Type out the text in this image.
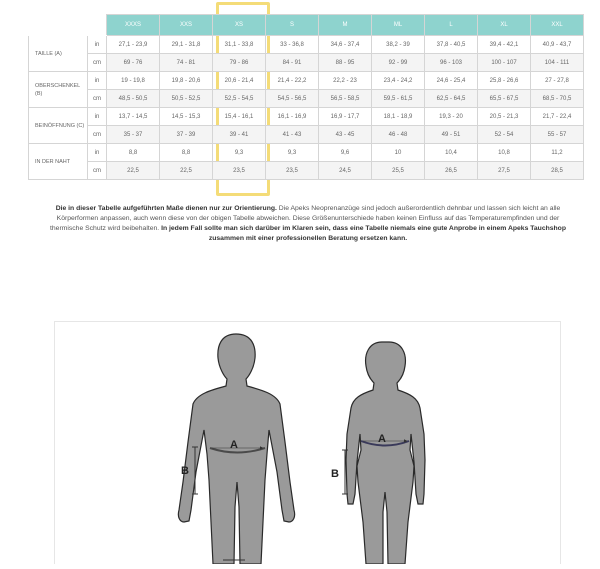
		XXXS	XXS	XS	S	M	ML	L	XL	XXL
TAILLE (A)	in	27,1 - 23,9	29,1 - 31,8	31,1 - 33,8	33 - 36,8	34,6 - 37,4	38,2 - 39	37,8 - 40,5	39,4 - 42,1	40,9 - 43,7
	cm	69 - 76	74 - 81	79 - 86	84 - 91	88 - 95	92 - 99	96 - 103	100 - 107	104 - 111
OBERSCHENKEL (B)	in	19 - 19,8	19,8 - 20,6	20,6 - 21,4	21,4 - 22,2	22,2 - 23	23,4 - 24,2	24,6 - 25,4	25,8 - 26,6	27 - 27,8
	cm	48,5 - 50,5	50,5 - 52,5	52,5 - 54,5	54,5 - 56,5	56,5 - 58,5	59,5 - 61,5	62,5 - 64,5	65,5 - 67,5	68,5 - 70,5
BEINÖFFNUNG (C)	in	13,7 - 14,5	14,5 - 15,3	15,4 - 16,1	16,1 - 16,9	16,9 - 17,7	18,1 - 18,9	19,3 - 20	20,5 - 21,3	21,7 - 22,4
	cm	35 - 37	37 - 39	39 - 41	41 - 43	43 - 45	46 - 48	49 - 51	52 - 54	55 - 57
IN DER NAHT	in	8,8	8,8	9,3	9,3	9,6	10	10,4	10,8	11,2
	cm	22,5	22,5	23,5	23,5	24,5	25,5	26,5	27,5	28,5

Die in dieser Tabelle aufgeführten Maße dienen nur zur Orientierung. Die Apeks Neoprenanzüge sind jedoch außerordentlich dehnbar und lassen sich leicht an alle Körperformen anpassen, auch wenn diese von der obigen Tabelle abweichen. Diese Größenunterschiede haben keinen Einfluss auf das Temperaturempfinden und der thermische Schutz wird beibehalten. In jedem Fall sollte man sich darüber im Klaren sein, dass eine Tabelle niemals eine gute Anprobe in einem Apeks Tauchshop zusammen mit einer professionellen Beratung ersetzen kann.

A
B
A
B
